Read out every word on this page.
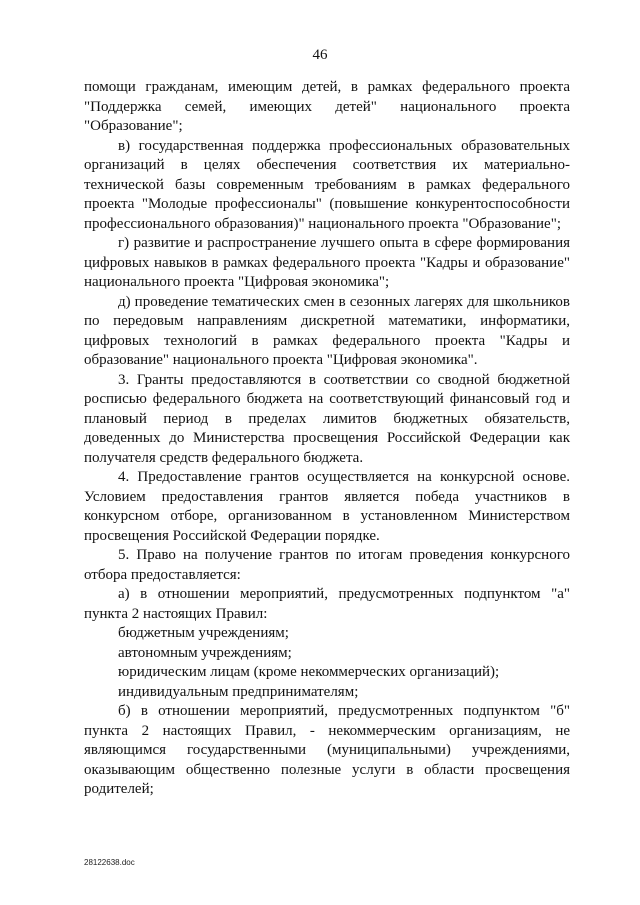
46

помощи гражданам, имеющим детей, в рамках федерального проекта "Поддержка семей, имеющих детей" национального проекта "Образование";

в) государственная поддержка профессиональных образовательных организаций в целях обеспечения соответствия их материально-технической базы современным требованиям в рамках федерального проекта "Молодые профессионалы" (повышение конкурентоспособности профессионального образования)" национального проекта "Образование";

г) развитие и распространение лучшего опыта в сфере формирования цифровых навыков в рамках федерального проекта "Кадры и образование" национального проекта "Цифровая экономика";

д) проведение тематических смен в сезонных лагерях для школьников по передовым направлениям дискретной математики, информатики, цифровых технологий в рамках федерального проекта "Кадры и образование" национального проекта "Цифровая экономика".

3. Гранты предоставляются в соответствии со сводной бюджетной росписью федерального бюджета на соответствующий финансовый год и плановый период в пределах лимитов бюджетных обязательств, доведенных до Министерства просвещения Российской Федерации как получателя средств федерального бюджета.

4. Предоставление грантов осуществляется на конкурсной основе. Условием предоставления грантов является победа участников в конкурсном отборе, организованном в установленном Министерством просвещения Российской Федерации порядке.

5. Право на получение грантов по итогам проведения конкурсного отбора предоставляется:

а) в отношении мероприятий, предусмотренных подпунктом "а" пункта 2 настоящих Правил:

бюджетным учреждениям;

автономным учреждениям;

юридическим лицам (кроме некоммерческих организаций);

индивидуальным предпринимателям;

б) в отношении мероприятий, предусмотренных подпунктом "б" пункта 2 настоящих Правил, - некоммерческим организациям, не являющимся государственными (муниципальными) учреждениями, оказывающим общественно полезные услуги в области просвещения родителей;

28122638.doc
